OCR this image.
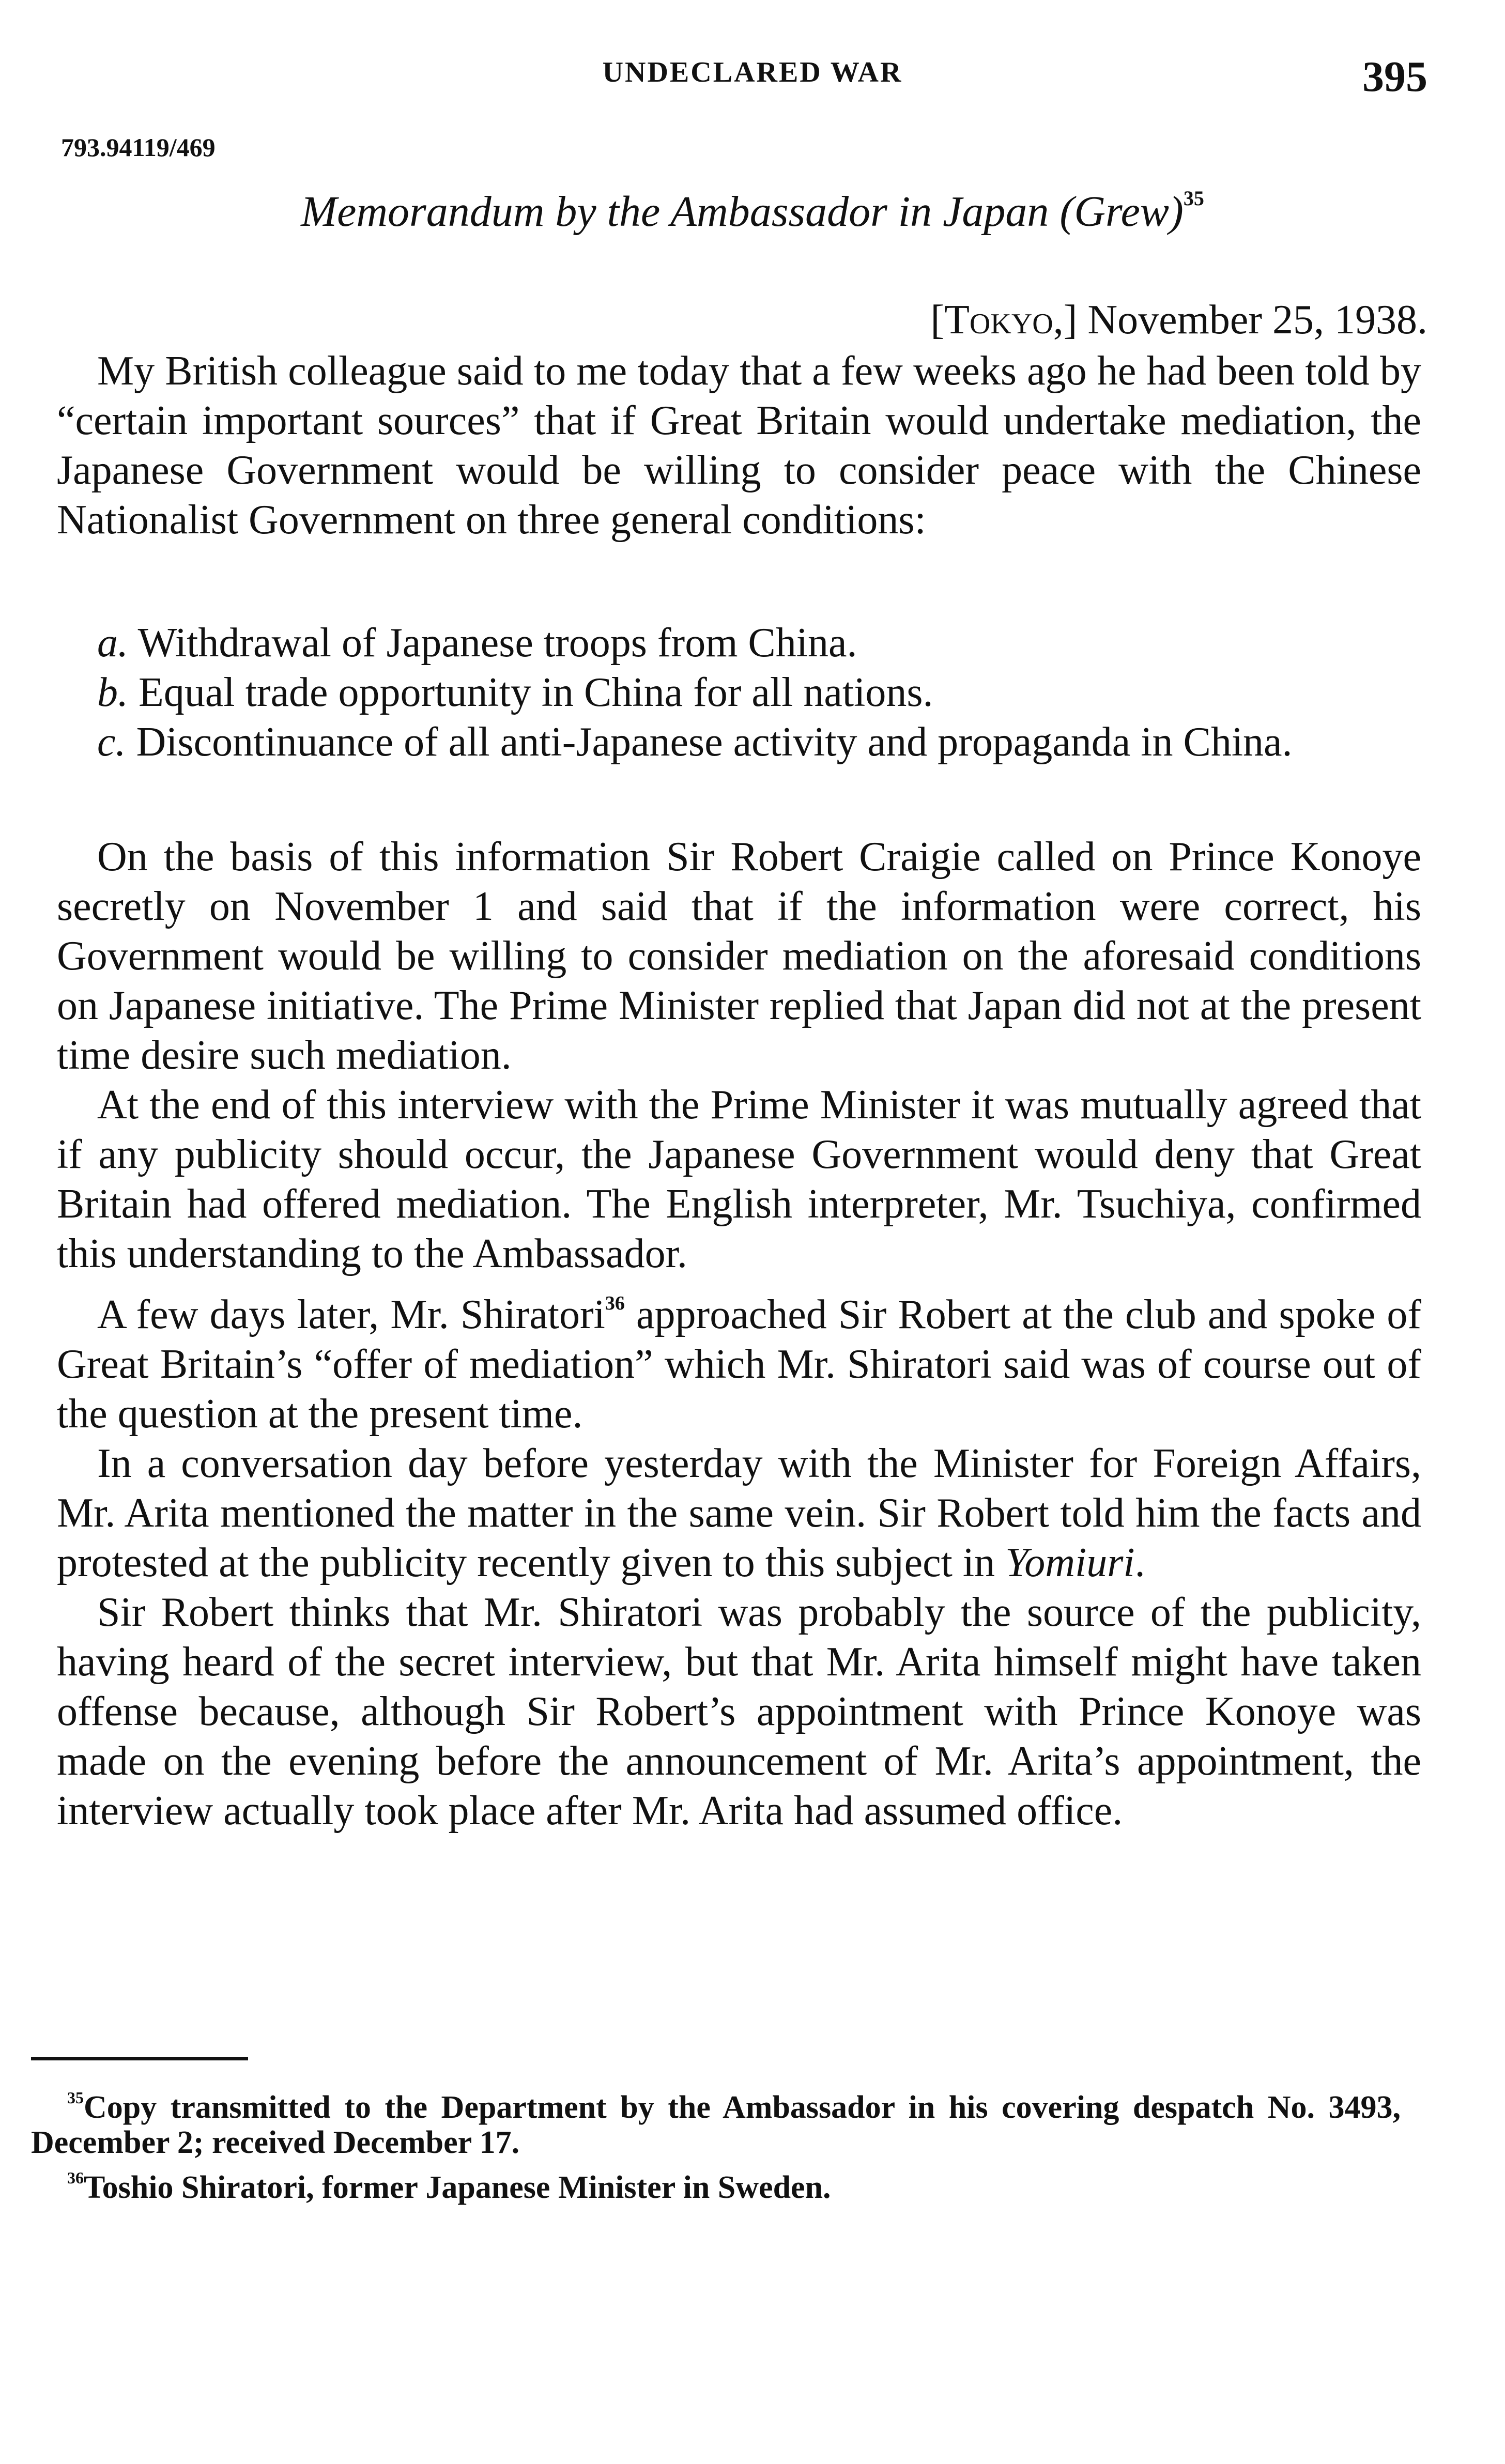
UNDECLARED WAR	395
793.94119/469
Memorandum by the Ambassador in Japan (Grew)$^{35}$
[Tokyo,] November 25, 1938.

My British colleague said to me today that a few weeks ago he had been told by “certain important sources” that if Great Britain would undertake mediation, the Japanese Government would be willing to consider peace with the Chinese Nationalist Government on three general conditions:

a. Withdrawal of Japanese troops from China.
b. Equal trade opportunity in China for all nations.
c. Discontinuance of all anti-Japanese activity and propaganda in China.

On the basis of this information Sir Robert Craigie called on Prince Konoye secretly on November 1 and said that if the information were correct, his Government would be willing to consider mediation on the aforesaid conditions on Japanese initiative. The Prime Minister replied that Japan did not at the present time desire such mediation.

At the end of this interview with the Prime Minister it was mutually agreed that if any publicity should occur, the Japanese Government would deny that Great Britain had offered mediation. The English interpreter, Mr. Tsuchiya, confirmed this understanding to the Ambassador.

A few days later, Mr. Shiratori$^{36}$ approached Sir Robert at the club and spoke of Great Britain’s “offer of mediation” which Mr. Shiratori said was of course out of the question at the present time.

In a conversation day before yesterday with the Minister for Foreign Affairs, Mr. Arita mentioned the matter in the same vein. Sir Robert told him the facts and protested at the publicity recently given to this subject in Yomiuri.

Sir Robert thinks that Mr. Shiratori was probably the source of the publicity, having heard of the secret interview, but that Mr. Arita himself might have taken offense because, although Sir Robert’s appointment with Prince Konoye was made on the evening before the announcement of Mr. Arita’s appointment, the interview actually took place after Mr. Arita had assumed office.

$^{35}$Copy transmitted to the Department by the Ambassador in his covering despatch No. 3493, December 2; received December 17.

$^{36}$Toshio Shiratori, former Japanese Minister in Sweden.
